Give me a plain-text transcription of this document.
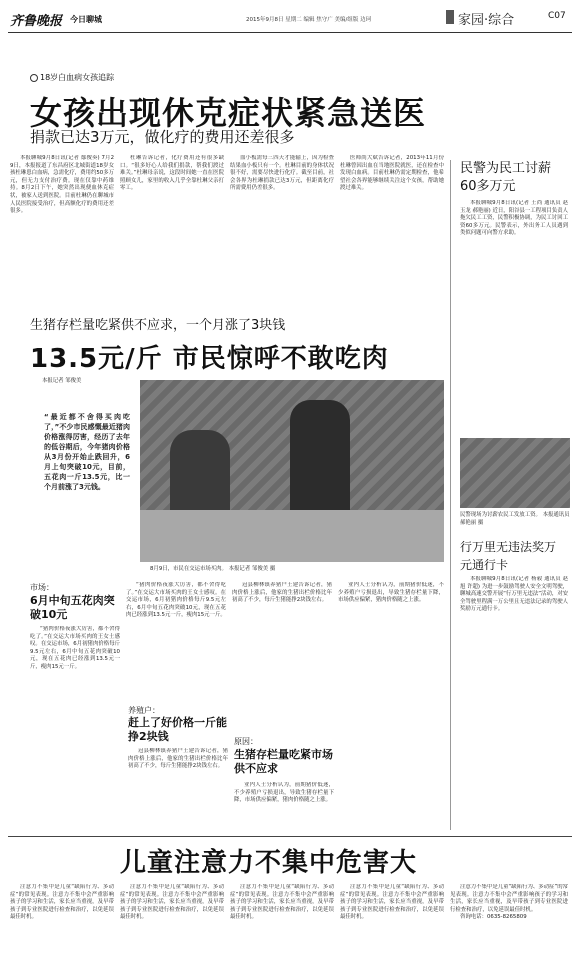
齐鲁晚报 今日聊城	2015年9月8日 星期二 编辑 焦守广 美编/组版 边珂	家园·综合	C07
18岁白血病女孩追踪
女孩出现休克症状紧急送医
捐款已达3万元，做化疗的费用还差很多

本报聊城9月8日讯(记者 鄢俊奏) 7月29日，本报报道了东昌府区北城街道18岁女孩杜琳患白血病，急需化疗，费用约50多万元，但无力支付治疗费。现在仅靠中药维持。8月2日下午，她突然出现便血休克症状，被家人送到医院。目前杜琳仍在聊城市人民医院接受治疗，但高额化疗的费用还差很多。

杜琳告诉记者，化疗费用还有很多缺口。“很多好心人给我们捐款，帮我们渡过难关。”杜琳母亲说，这段时间她一直在医院照顾女儿，家里的收入几乎全靠杜琳父亲打零工。

血小板需每三四天才能输上，因为检查结果血小板只有一个。杜琳目前的身体状况很不好，需要尽快进行化疗。截至目前，社会各界为杜琳捐款已达3万元，但距离化疗所需费用仍差很多。

医师尚大斌告诉记者，2013年11月份杜琳曾因出血在当地医院就医，还在检查中发现白血病。目前杜琳仍需定期检查，他希望社会各界能够继续关注这个女孩，帮助她渡过难关。

生猪存栏量吃紧供不应求，一个月涨了3块钱
13.5元/斤 市民惊呼不敢吃肉
本报记者 邹俊美
8月9日，市民在交运市场买肉。 本报记者 邹俊美 摄
“最近都不舍得买肉吃了，”不少市民感慨最近猪肉价格涨得厉害，经历了去年的低谷期后，今年猪肉价格从3月份开始止跌回升，6月上旬突破10元，目前，五花肉一斤13.5元，比一个月前涨了3元钱。
市场：
6月中旬五花肉突破10元

“猪肉价格夜涨大厉害，都不舍得吃了。”在交运大市场买肉的王女士感叹。在交运市场，6月初猪肉价格每斤9.5元左右，6月中旬五花肉突破10元，现在五花肉已经涨到13.5元一斤，瘦肉15元一斤。

“猪肉价格夜涨大厉害，都不舍得吃了。”在交运大市场买肉的王女士感叹。在交运市场，6月初猪肉价格每斤9.5元左右，6月中旬五花肉突破10元，现在五花肉已经涨到13.5元一斤，瘦肉15元一斤。

养殖户：
赶上了好价格一斤能挣2块钱

冠县柳林镇养猪户王建告诉记者，猪肉价格上涨后，他家的生猪出栏价格比年初高了不少，每斤生猪能挣2块钱左右。

冠县柳林镇养猪户王建告诉记者，猪肉价格上涨后，他家的生猪出栏价格比年初高了不少，每斤生猪能挣2块钱左右。

原因：
生猪存栏量吃紧市场供不应求

业内人士分析认为，前期猪价低迷，不少养殖户亏损退出，导致生猪存栏量下降，市场供应偏紧，猪肉价格随之上涨。

业内人士分析认为，前期猪价低迷，不少养殖户亏损退出，导致生猪存栏量下降，市场供应偏紧，猪肉价格随之上涨。

民警为民工讨薪60多万元

本报聊城9月8日讯(记者 王尚 通讯员 赵玉龙 郝艳丽) 近日，阳谷县一工程项目负责人拖欠民工工资，民警积极协调，为民工讨回工资60多万元。民警表示，外出务工人员遇到类似问题可向警方求助。

民警现场为讨薪农民工发放工资。 本报通讯员 郝艳丽 摄
行万里无违法奖万元通行卡

本报聊城9月8日讯(记者 杨毅 通讯员 赵旭 许超) 为进一步鼓励驾驶人安全文明驾驶，聊城高速交警开展“行万里无违法”活动，对安全驾驶里程满一万公里且无违法记录的驾驶人奖励万元通行卡。

儿童注意力不集中危害大

注意力不集中是儿童“缺陷行为、多动症”的常见表现。注意力不集中会严重影响孩子的学习和生活，家长应当重视，及早带孩子到专业医院进行检查和治疗，以免延误最佳时机。

注意力不集中是儿童“缺陷行为、多动症”的常见表现。注意力不集中会严重影响孩子的学习和生活，家长应当重视，及早带孩子到专业医院进行检查和治疗，以免延误最佳时机。

注意力不集中是儿童“缺陷行为、多动症”的常见表现。注意力不集中会严重影响孩子的学习和生活，家长应当重视，及早带孩子到专业医院进行检查和治疗，以免延误最佳时机。

注意力不集中是儿童“缺陷行为、多动症”的常见表现。注意力不集中会严重影响孩子的学习和生活，家长应当重视，及早带孩子到专业医院进行检查和治疗，以免延误最佳时机。

注意力不集中是儿童“缺陷行为、多动症”的常见表现。注意力不集中会严重影响孩子的学习和生活，家长应当重视，及早带孩子到专业医院进行检查和治疗，以免延误最佳时机。

咨询电话：0635-8265809
